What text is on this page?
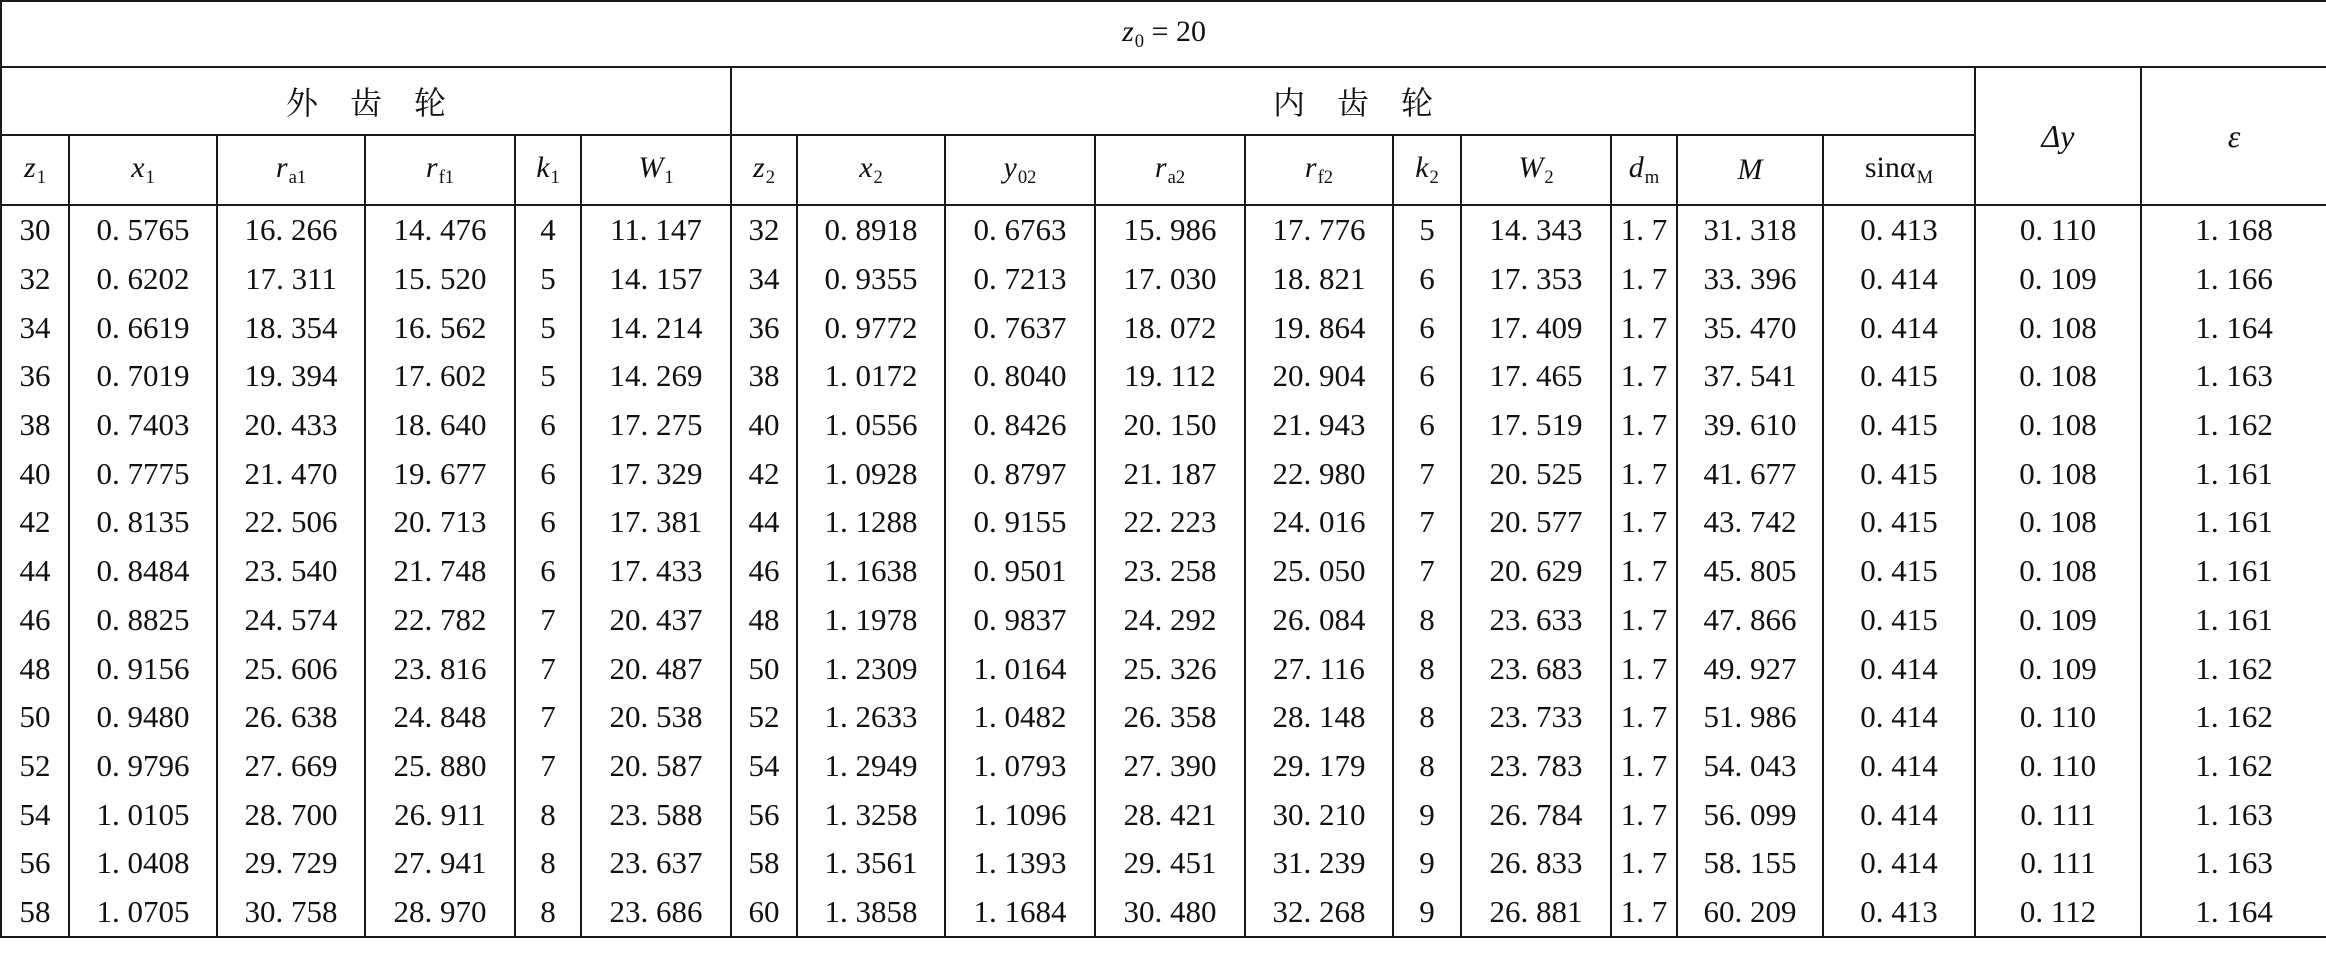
$z_0 = 20$																	
外　齿　轮						内　齿　轮										Δy	ε
$z_1$	$x_1$	$r_{a1}$	$r_{f1}$	$k_1$	$W_1$	$z_2$	$x_2$	$y_{02}$	$r_{a2}$	$r_{f2}$	$k_2$	$W_2$	$d_m$	M	sinα$_M$
30	0. 5765	16. 266	14. 476	4	11. 147	32	0. 8918	0. 6763	15. 986	17. 776	5	14. 343	1. 7	31. 318	0. 413	0. 110	1. 168
32	0. 6202	17. 311	15. 520	5	14. 157	34	0. 9355	0. 7213	17. 030	18. 821	6	17. 353	1. 7	33. 396	0. 414	0. 109	1. 166
34	0. 6619	18. 354	16. 562	5	14. 214	36	0. 9772	0. 7637	18. 072	19. 864	6	17. 409	1. 7	35. 470	0. 414	0. 108	1. 164
36	0. 7019	19. 394	17. 602	5	14. 269	38	1. 0172	0. 8040	19. 112	20. 904	6	17. 465	1. 7	37. 541	0. 415	0. 108	1. 163
38	0. 7403	20. 433	18. 640	6	17. 275	40	1. 0556	0. 8426	20. 150	21. 943	6	17. 519	1. 7	39. 610	0. 415	0. 108	1. 162
40	0. 7775	21. 470	19. 677	6	17. 329	42	1. 0928	0. 8797	21. 187	22. 980	7	20. 525	1. 7	41. 677	0. 415	0. 108	1. 161
42	0. 8135	22. 506	20. 713	6	17. 381	44	1. 1288	0. 9155	22. 223	24. 016	7	20. 577	1. 7	43. 742	0. 415	0. 108	1. 161
44	0. 8484	23. 540	21. 748	6	17. 433	46	1. 1638	0. 9501	23. 258	25. 050	7	20. 629	1. 7	45. 805	0. 415	0. 108	1. 161
46	0. 8825	24. 574	22. 782	7	20. 437	48	1. 1978	0. 9837	24. 292	26. 084	8	23. 633	1. 7	47. 866	0. 415	0. 109	1. 161
48	0. 9156	25. 606	23. 816	7	20. 487	50	1. 2309	1. 0164	25. 326	27. 116	8	23. 683	1. 7	49. 927	0. 414	0. 109	1. 162
50	0. 9480	26. 638	24. 848	7	20. 538	52	1. 2633	1. 0482	26. 358	28. 148	8	23. 733	1. 7	51. 986	0. 414	0. 110	1. 162
52	0. 9796	27. 669	25. 880	7	20. 587	54	1. 2949	1. 0793	27. 390	29. 179	8	23. 783	1. 7	54. 043	0. 414	0. 110	1. 162
54	1. 0105	28. 700	26. 911	8	23. 588	56	1. 3258	1. 1096	28. 421	30. 210	9	26. 784	1. 7	56. 099	0. 414	0. 111	1. 163
56	1. 0408	29. 729	27. 941	8	23. 637	58	1. 3561	1. 1393	29. 451	31. 239	9	26. 833	1. 7	58. 155	0. 414	0. 111	1. 163
58	1. 0705	30. 758	28. 970	8	23. 686	60	1. 3858	1. 1684	30. 480	32. 268	9	26. 881	1. 7	60. 209	0. 413	0. 112	1. 164
